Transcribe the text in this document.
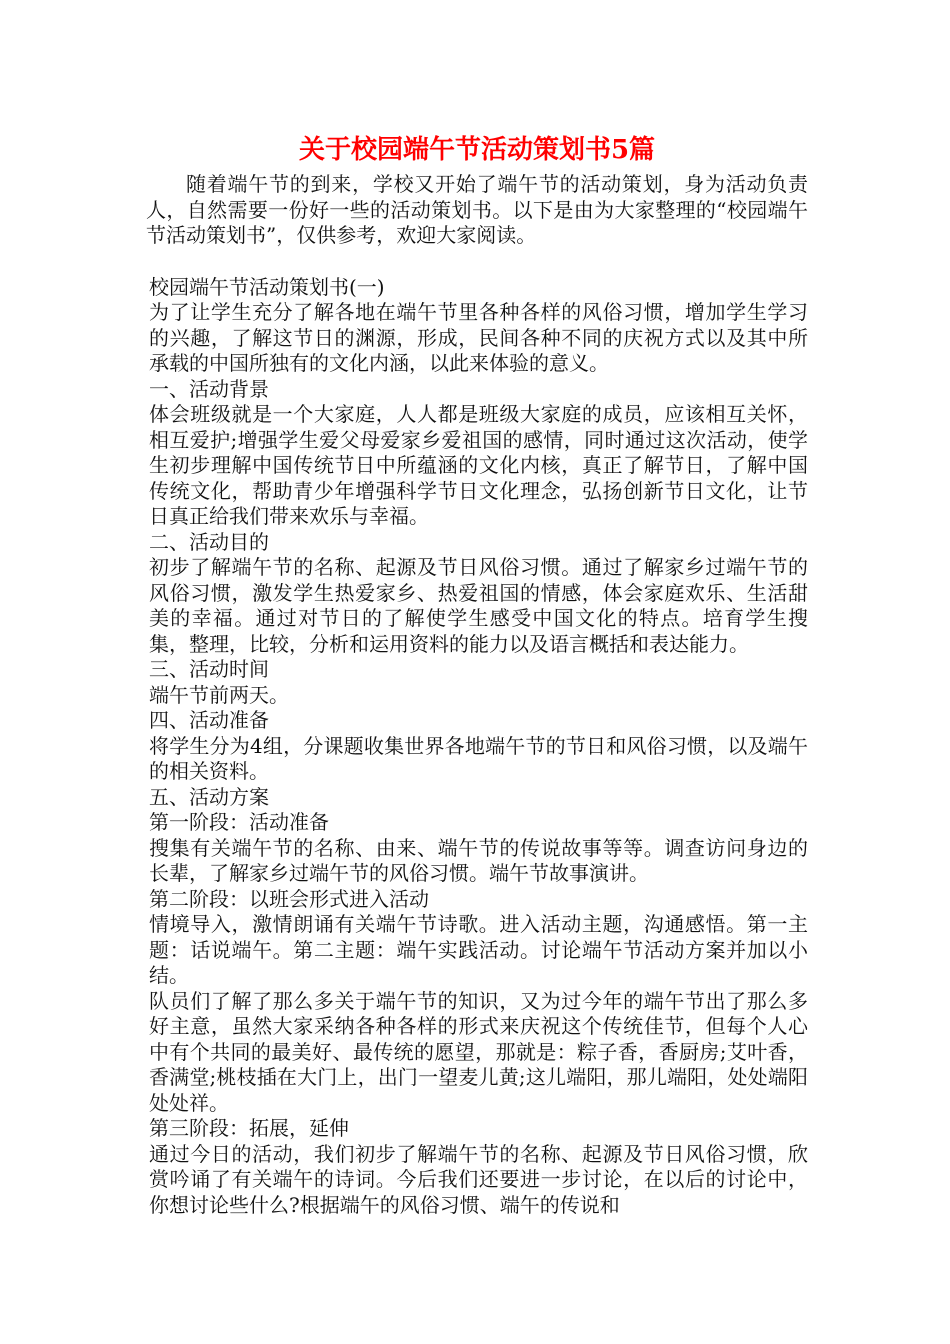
关于校园端午节活动策划书5篇

随着端午节的到来，学校又开始了端午节的活动策划，身为活动负责人，自然需要一份好一些的活动策划书。以下是由为大家整理的“校园端午节活动策划书”，仅供参考，欢迎大家阅读。

校园端午节活动策划书(一)

为了让学生充分了解各地在端午节里各种各样的风俗习惯，增加学生学习的兴趣，了解这节日的渊源，形成，民间各种不同的庆祝方式以及其中所承载的中国所独有的文化内涵，以此来体验的意义。

一、活动背景

体会班级就是一个大家庭，人人都是班级大家庭的成员，应该相互关怀，相互爱护;增强学生爱父母爱家乡爱祖国的感情，同时通过这次活动，使学生初步理解中国传统节日中所蕴涵的文化内核，真正了解节日，了解中国传统文化，帮助青少年增强科学节日文化理念，弘扬创新节日文化，让节日真正给我们带来欢乐与幸福。

二、活动目的

初步了解端午节的名称、起源及节日风俗习惯。通过了解家乡过端午节的风俗习惯，激发学生热爱家乡、热爱祖国的情感，体会家庭欢乐、生活甜美的幸福。通过对节日的了解使学生感受中国文化的特点。培育学生搜集，整理，比较，分析和运用资料的能力以及语言概括和表达能力。

三、活动时间

端午节前两天。

四、活动准备

将学生分为4组，分课题收集世界各地端午节的节日和风俗习惯，以及端午的相关资料。

五、活动方案

第一阶段：活动准备

搜集有关端午节的名称、由来、端午节的传说故事等等。调查访问身边的长辈，了解家乡过端午节的风俗习惯。端午节故事演讲。

第二阶段：以班会形式进入活动

情境导入，激情朗诵有关端午节诗歌。进入活动主题，沟通感悟。第一主题：话说端午。第二主题：端午实践活动。讨论端午节活动方案并加以小结。

队员们了解了那么多关于端午节的知识，又为过今年的端午节出了那么多好主意，虽然大家采纳各种各样的形式来庆祝这个传统佳节，但每个人心中有个共同的最美好、最传统的愿望，那就是：粽子香，香厨房;艾叶香，香满堂;桃枝插在大门上，出门一望麦儿黄;这儿端阳，那儿端阳，处处端阳处处祥。

第三阶段：拓展，延伸

通过今日的活动，我们初步了解端午节的名称、起源及节日风俗习惯，欣赏吟诵了有关端午的诗词。今后我们还要进一步讨论，在以后的讨论中，你想讨论些什么?根据端午的风俗习惯、端午的传说和
